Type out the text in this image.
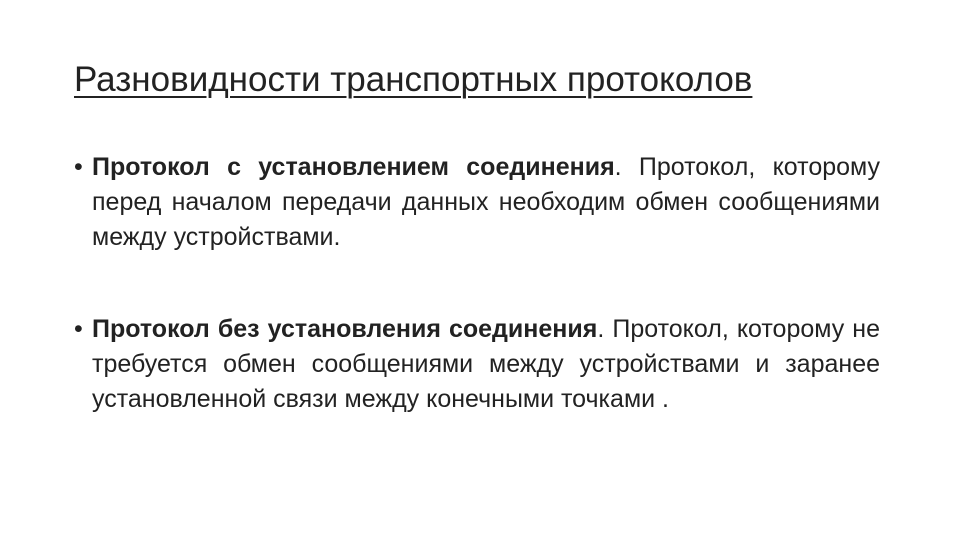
Разновидности транспортных протоколов
• Протокол с установлением соединения. Протокол, которому перед началом передачи данных необходим обмен сообщениями между устройствами.
• Протокол без установления соединения. Протокол, которому не требуется обмен сообщениями между устройствами и заранее установленной связи между конечными точками .
